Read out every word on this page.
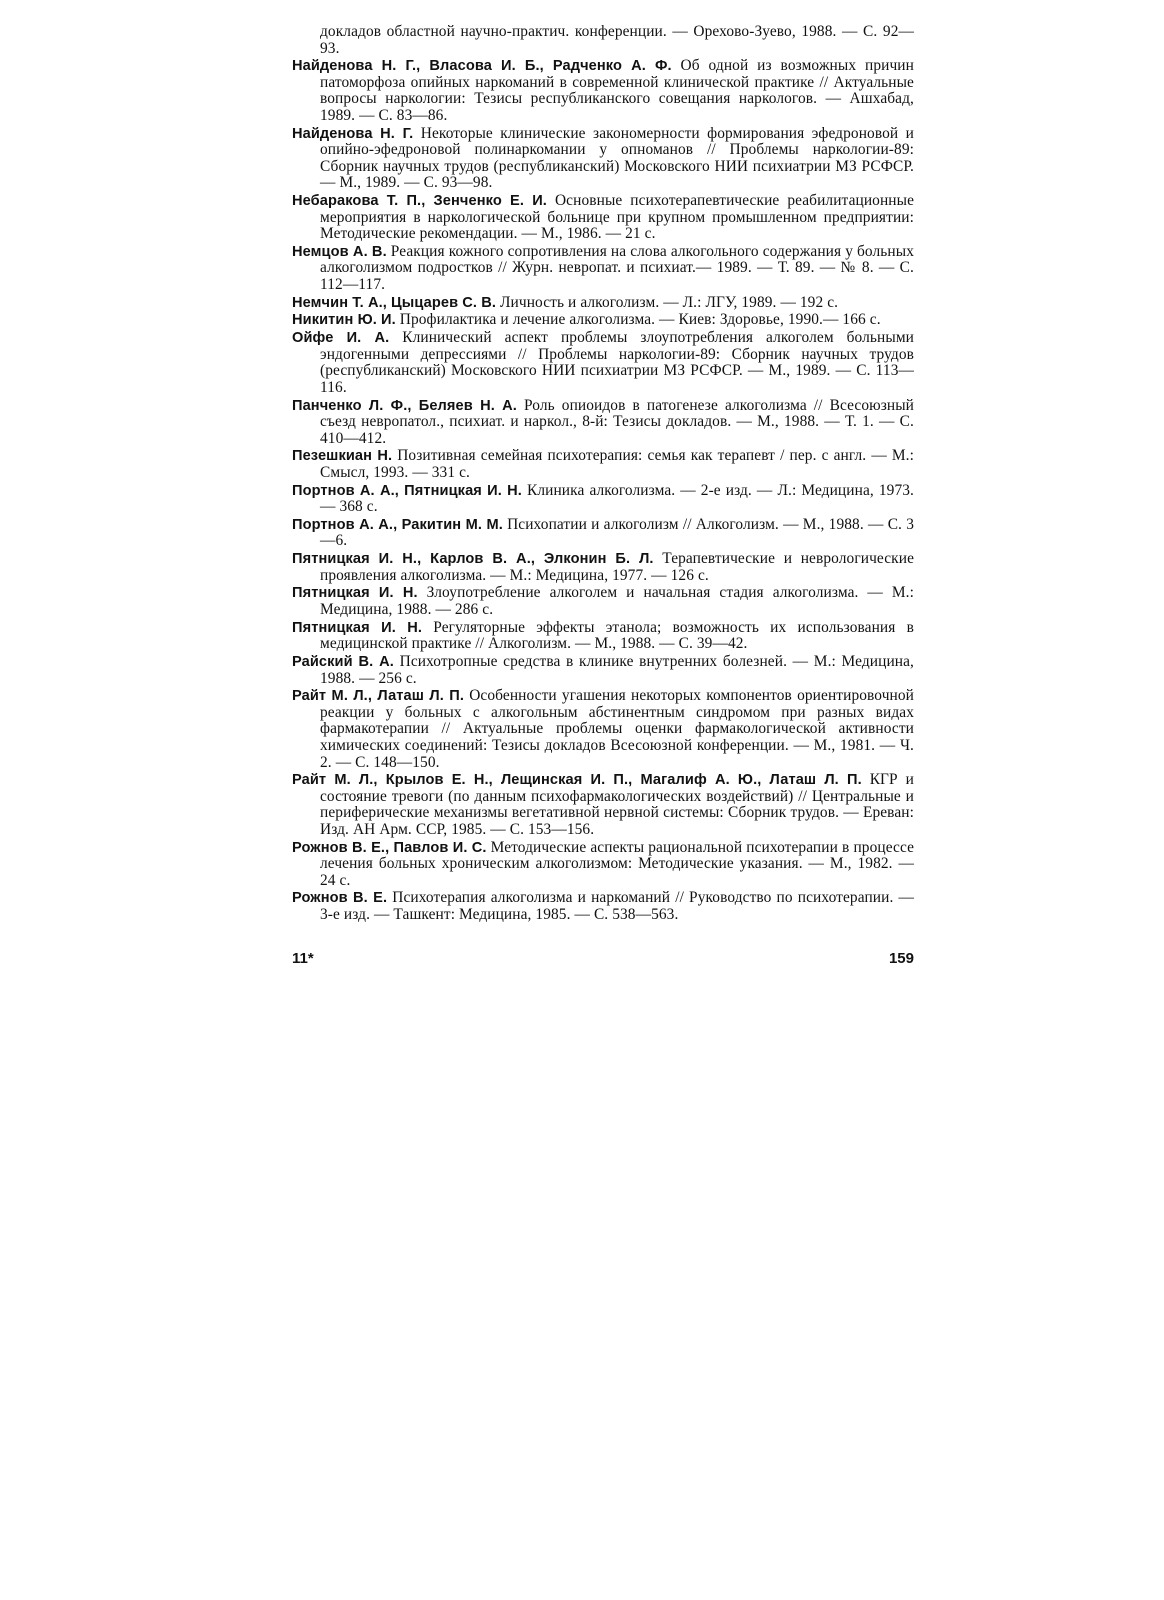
докладов областной научно-практич. конференции. — Орехово-Зуево, 1988. — С. 92—93.

Найденова Н. Г., Власова И. Б., Радченко А. Ф. Об одной из возможных причин патоморфоза опийных наркоманий в современной клинической практике // Актуальные вопросы наркологии: Тезисы республиканского совещания наркологов. — Ашхабад, 1989. — С. 83—86.

Найденова Н. Г. Некоторые клинические закономерности формирования эфедроновой и опийно-эфедроновой полинаркомании у опноманов // Проблемы наркологии-89: Сборник научных трудов (республиканский) Московского НИИ психиатрии МЗ РСФСР. — М., 1989. — С. 93—98.

Небаракова Т. П., Зенченко Е. И. Основные психотерапевтические реабилитационные мероприятия в наркологической больнице при крупном промышленном предприятии: Методические рекомендации. — М., 1986. — 21 с.

Немцов А. В. Реакция кожного сопротивления на слова алкогольного содержания у больных алкоголизмом подростков // Журн. невропат. и психиат.— 1989. — Т. 89. — № 8. — С. 112—117.

Немчин Т. А., Цыцарев С. В. Личность и алкоголизм. — Л.: ЛГУ, 1989. — 192 с.

Никитин Ю. И. Профилактика и лечение алкоголизма. — Киев: Здоровье, 1990.— 166 с.

Ойфе И. А. Клинический аспект проблемы злоупотребления алкоголем больными эндогенными депрессиями // Проблемы наркологии-89: Сборник научных трудов (республиканский) Московского НИИ психиатрии МЗ РСФСР. — М., 1989. — С. 113—116.

Панченко Л. Ф., Беляев Н. А. Роль опиоидов в патогенезе алкоголизма // Всесоюзный съезд невропатол., психиат. и наркол., 8-й: Тезисы докладов. — М., 1988. — Т. 1. — С. 410—412.

Пезешкиан Н. Позитивная семейная психотерапия: семья как терапевт / пер. с англ. — М.: Смысл, 1993. — 331 с.

Портнов А. А., Пятницкая И. Н. Клиника алкоголизма. — 2-е изд. — Л.: Медицина, 1973. — 368 с.

Портнов А. А., Ракитин М. М. Психопатии и алкоголизм // Алкоголизм. — М., 1988. — С. 3—6.

Пятницкая И. Н., Карлов В. А., Элконин Б. Л. Терапевтические и неврологические проявления алкоголизма. — М.: Медицина, 1977. — 126 с.

Пятницкая И. Н. Злоупотребление алкоголем и начальная стадия алкоголизма. — М.: Медицина, 1988. — 286 с.

Пятницкая И. Н. Регуляторные эффекты этанола; возможность их использования в медицинской практике // Алкоголизм. — М., 1988. — С. 39—42.

Райский В. А. Психотропные средства в клинике внутренних болезней. — М.: Медицина, 1988. — 256 с.

Райт М. Л., Латаш Л. П. Особенности угашения некоторых компонентов ориентировочной реакции у больных с алкогольным абстинентным синдромом при разных видах фармакотерапии // Актуальные проблемы оценки фармакологической активности химических соединений: Тезисы докладов Всесоюзной конференции. — М., 1981. — Ч. 2. — С. 148—150.

Райт М. Л., Крылов Е. Н., Лещинская И. П., Магалиф А. Ю., Латаш Л. П. КГР и состояние тревоги (по данным психофармакологических воздействий) // Центральные и периферические механизмы вегетативной нервной системы: Сборник трудов. — Ереван: Изд. АН Арм. ССР, 1985. — С. 153—156.

Рожнов В. Е., Павлов И. С. Методические аспекты рациональной психотерапии в процессе лечения больных хроническим алкоголизмом: Методические указания. — М., 1982. — 24 с.

Рожнов В. Е. Психотерапия алкоголизма и наркоманий // Руководство по психотерапии. — 3-е изд. — Ташкент: Медицина, 1985. — С. 538—563.

11*	159
